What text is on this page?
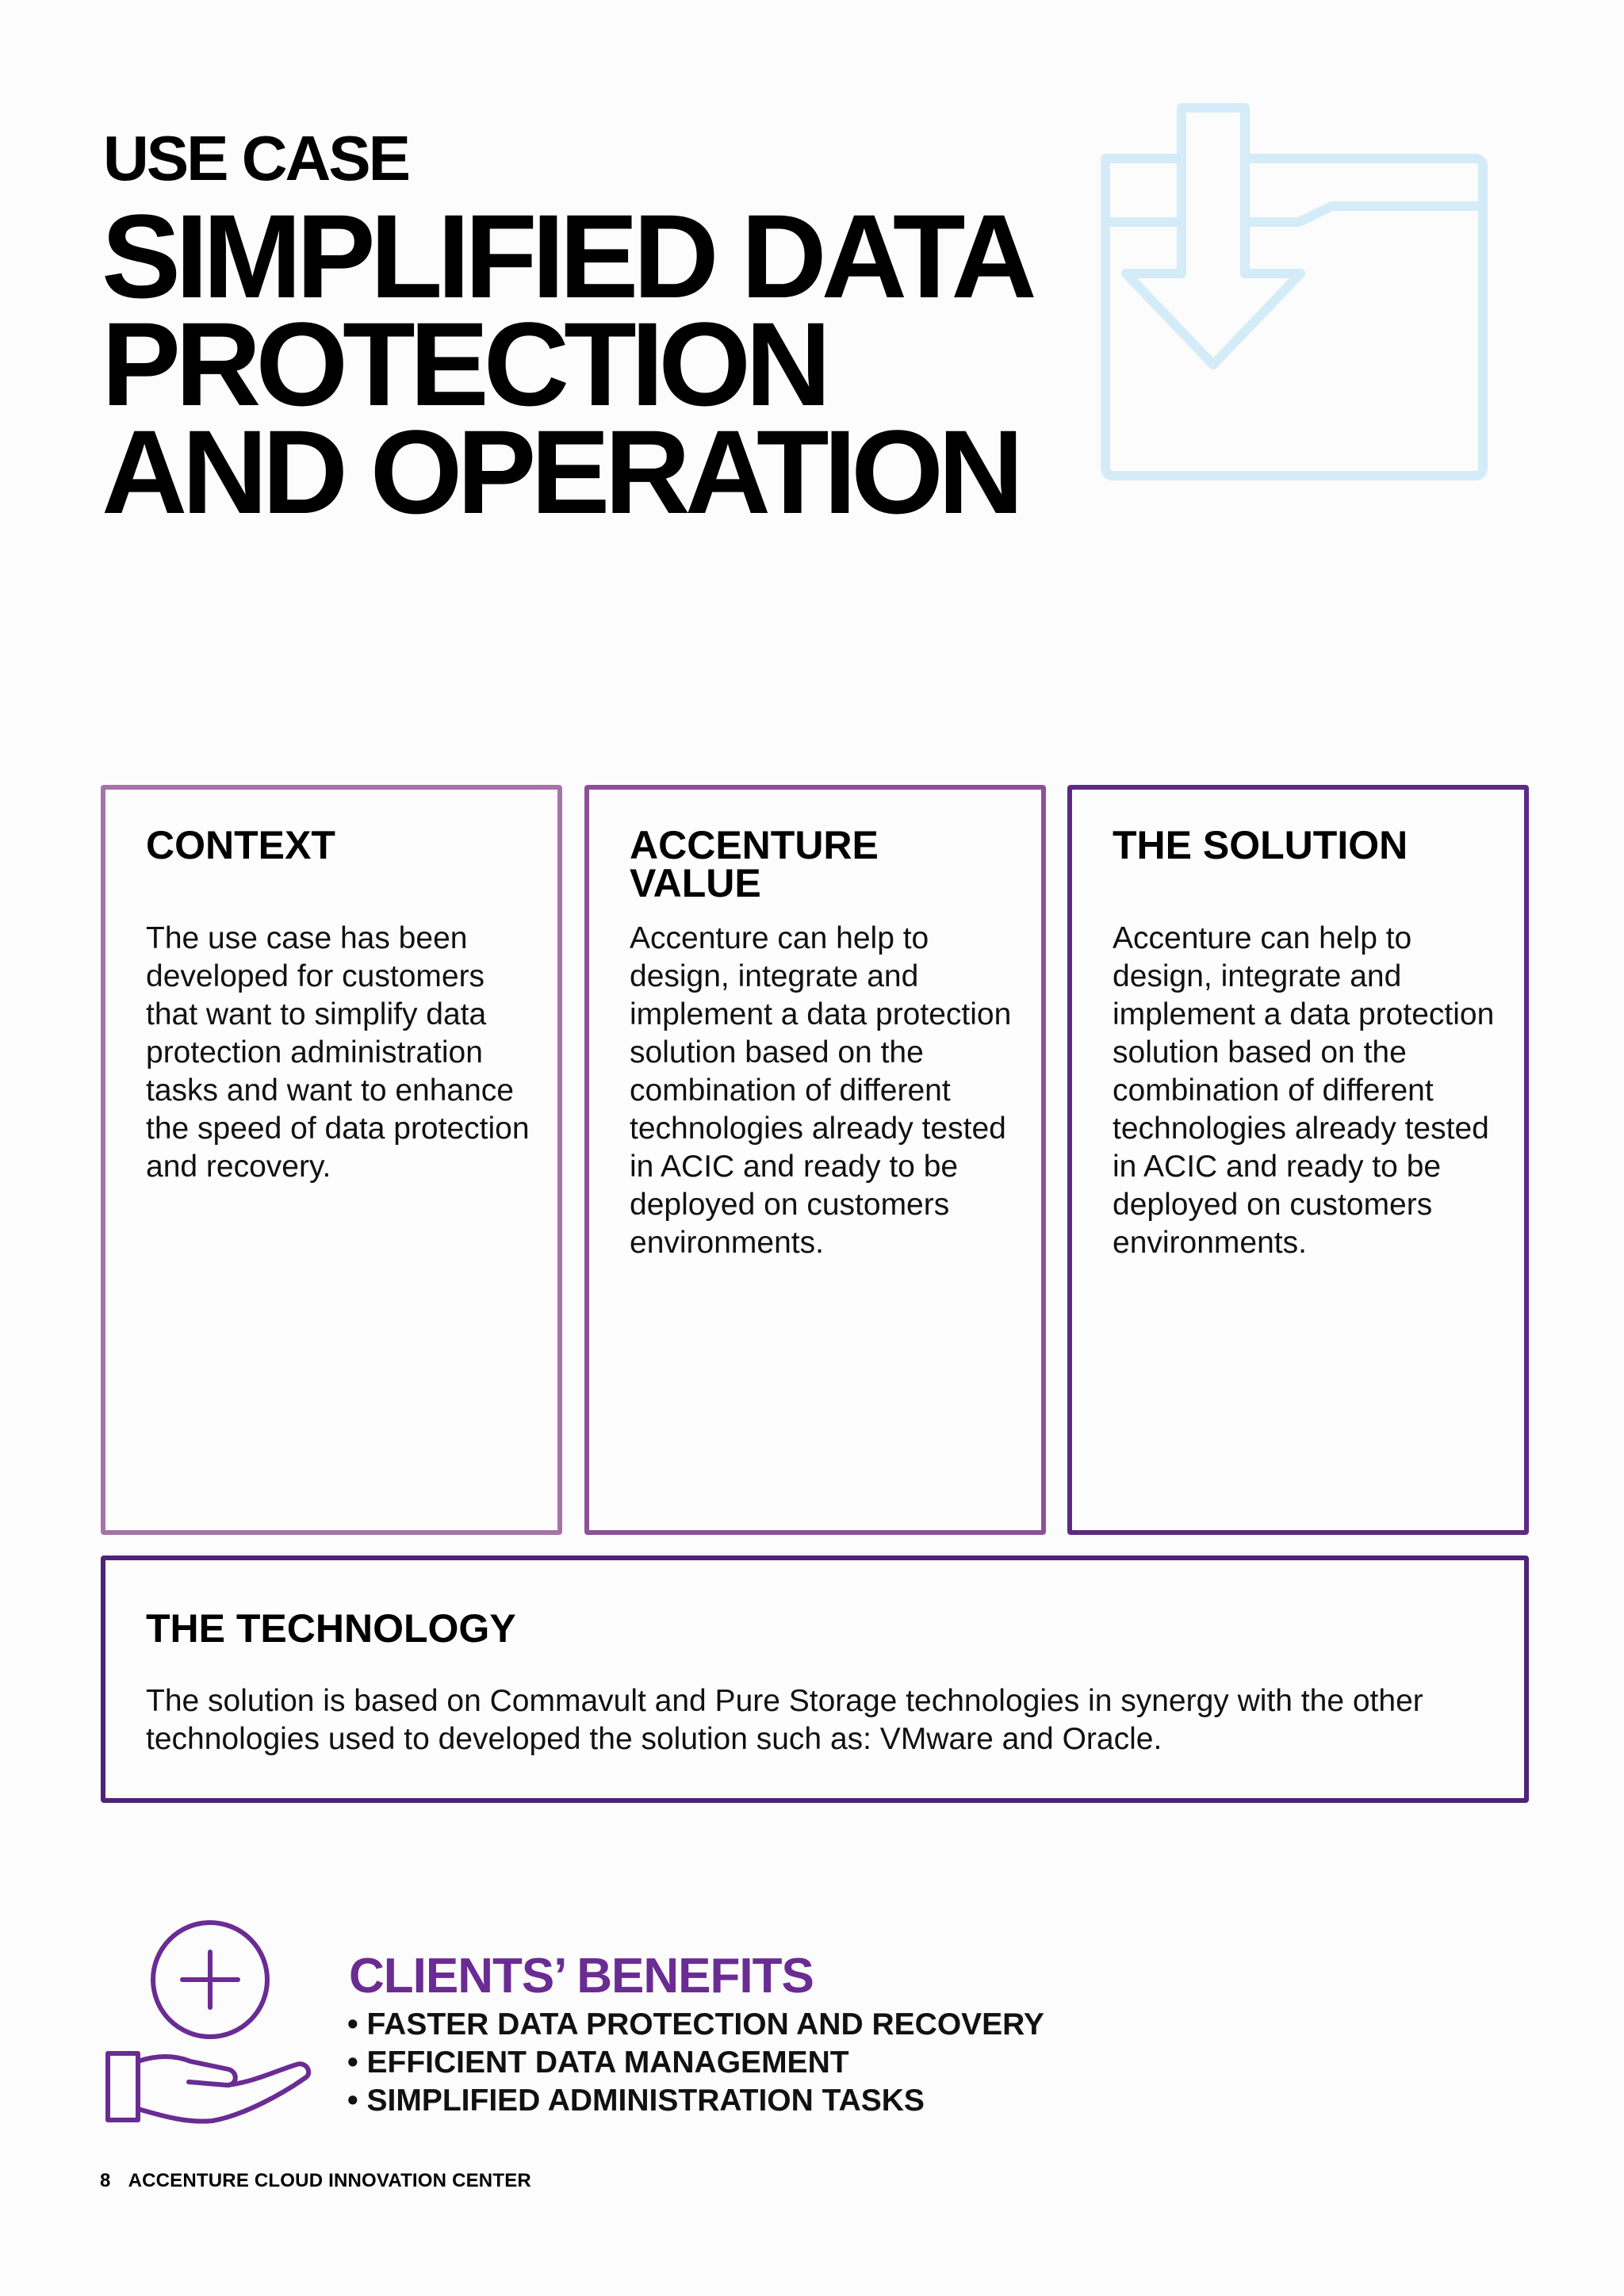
USE CASE
SIMPLIFIED DATA
PROTECTION
AND OPERATION
CONTEXT

The use case has been developed for customers that want to simplify data protection administration tasks and want to enhance the speed of data protection and recovery.

ACCENTURE VALUE

Accenture can help to design, integrate and implement a data protection solution based on the combination of different technologies already tested in ACIC and ready to be deployed on customers environments.

THE SOLUTION

Accenture can help to design, integrate and implement a data protection solution based on the combination of different technologies already tested in ACIC and ready to be deployed on customers environments.

THE TECHNOLOGY

The solution is based on Commavult and Pure Storage technologies in synergy with the other technologies used to developed the solution such as: VMware and Oracle.

CLIENTS’ BENEFITS
• FASTER DATA PROTECTION AND RECOVERY
• EFFICIENT DATA MANAGEMENT
• SIMPLIFIED ADMINISTRATION TASKS
8 ACCENTURE CLOUD INNOVATION CENTER
